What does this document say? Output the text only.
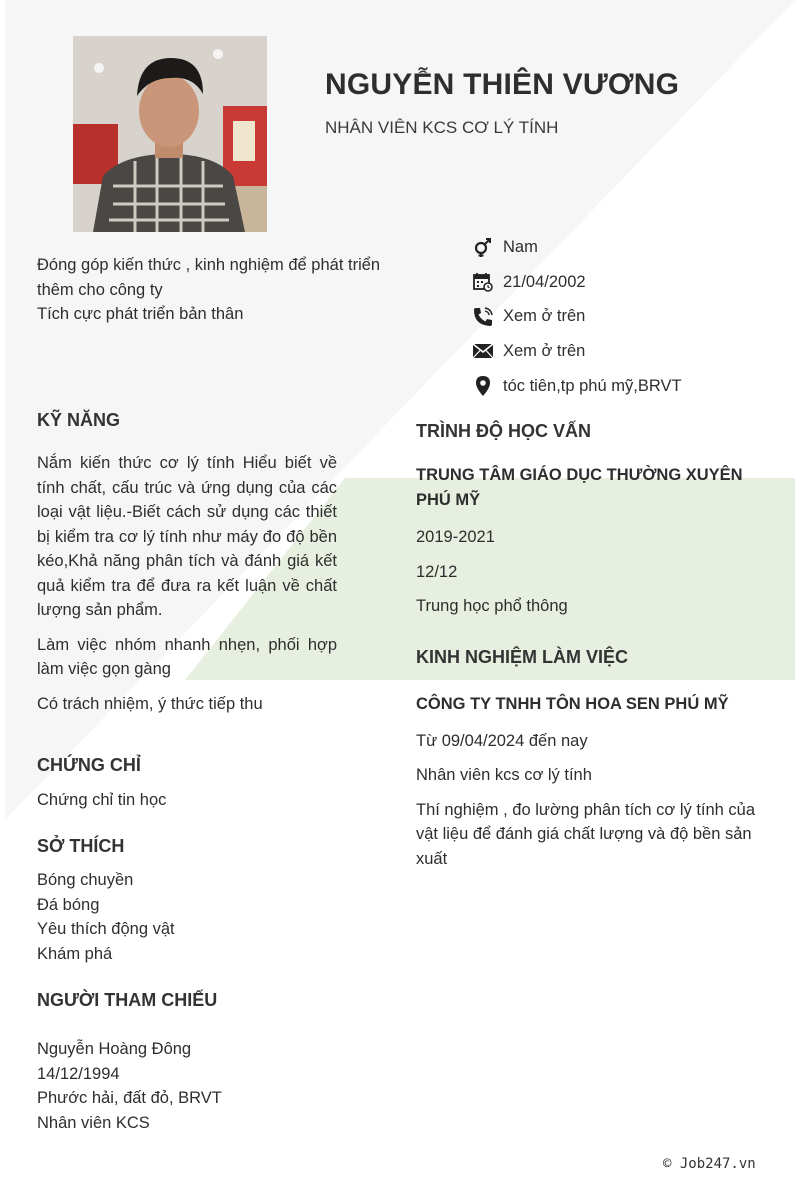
NGUYỄN THIÊN VƯƠNG
NHÂN VIÊN KCS CƠ LÝ TÍNH
Đóng góp kiến thức , kinh nghiệm để phát triển thêm cho công ty
Tích cực phát triển bản thân
Nam
21/04/2002
Xem ở trên
Xem ở trên
tóc tiên,tp phú mỹ,BRVT
KỸ NĂNG

Nắm kiến thức cơ lý tính Hiểu biết về tính chất, cấu trúc và ứng dụng của các loại vật liệu.-Biết cách sử dụng các thiết bị kiểm tra cơ lý tính như máy đo độ bền kéo,Khả năng phân tích và đánh giá kết quả kiểm tra để đưa ra kết luận về chất lượng sản phẩm.

Làm việc nhóm nhanh nhẹn, phối hợp làm việc gọn gàng

Có trách nhiệm, ý thức tiếp thu

CHỨNG CHỈ

Chứng chỉ tin học

SỞ THÍCH

Bóng chuyền

Đá bóng

Yêu thích động vật

Khám phá

NGƯỜI THAM CHIẾU

Nguyễn Hoàng Đông

14/12/1994

Phước hải, đất đỏ, BRVT

Nhân viên KCS

TRÌNH ĐỘ HỌC VẤN
TRUNG TÂM GIÁO DỤC THƯỜNG XUYÊN PHÚ MỸ

2019-2021

12/12

Trung học phổ thông

KINH NGHIỆM LÀM VIỆC
CÔNG TY TNHH TÔN HOA SEN PHÚ MỸ

Từ 09/04/2024 đến nay

Nhân viên kcs cơ lý tính

Thí nghiệm , đo lường phân tích cơ lý tính của vật liệu để đánh giá chất lượng và độ bền sản xuất

© Job247.vn
